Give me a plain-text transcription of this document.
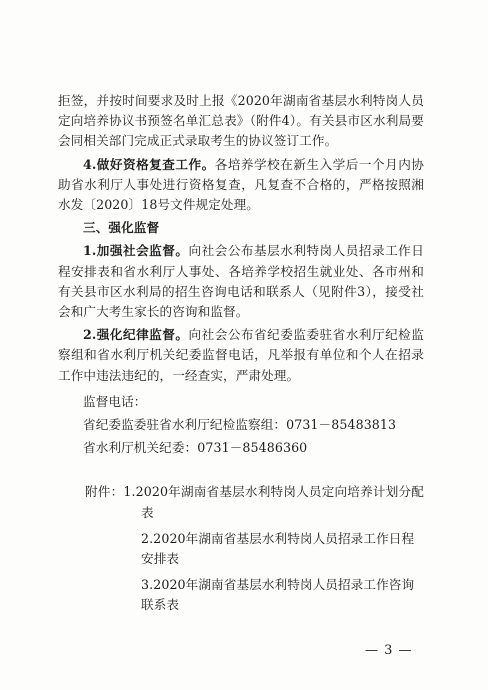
拒签，并按时间要求及时上报《2020年湖南省基层水利特岗人员定向培养协议书预签名单汇总表》（附件4）。有关县市区水利局要会同相关部门完成正式录取考生的协议签订工作。

4.做好资格复查工作。各培养学校在新生入学后一个月内协助省水利厅人事处进行资格复查，凡复查不合格的，严格按照湘水发〔2020〕18号文件规定处理。

三、强化监督

1.加强社会监督。向社会公布基层水利特岗人员招录工作日程安排表和省水利厅人事处、各培养学校招生就业处、各市州和有关县市区水利局的招生咨询电话和联系人（见附件3），接受社会和广大考生家长的咨询和监督。

2.强化纪律监督。向社会公布省纪委监委驻省水利厅纪检监察组和省水利厅机关纪委监督电话，凡举报有单位和个人在招录工作中违法违纪的，一经查实，严肃处理。

监督电话：

省纪委监委驻省水利厅纪检监察组：0731－85483813

省水利厅机关纪委：0731－85486360

附件：1.2020年湖南省基层水利特岗人员定向培养计划分配表

2.2020年湖南省基层水利特岗人员招录工作日程安排表

3.2020年湖南省基层水利特岗人员招录工作咨询联系表

— 3 —
